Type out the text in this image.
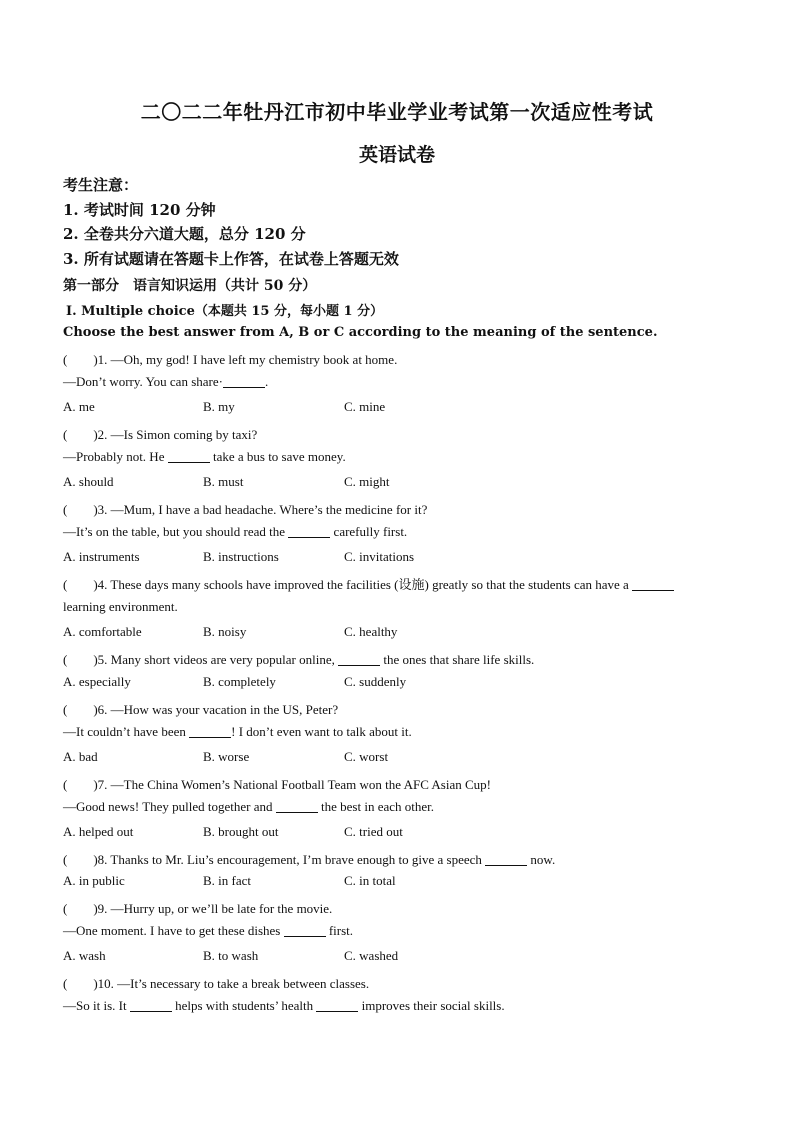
二〇二二年牡丹江市初中毕业学业考试第一次适应性考试
英语试卷
考生注意：
1. 考试时间 120 分钟
2. 全卷共分六道大题，总分 120 分
3. 所有试题请在答题卡上作答，在试卷上答题无效
第一部分　语言知识运用（共计 50 分）
Ⅰ. Multiple choice（本题共 15 分，每小题 1 分）
Choose the best answer from A, B or C according to the meaning of the sentence.
(　　)1. —Oh, my god! I have left my chemistry book at home.
—Don’t worry. You can share·	.
A. me	B. my	C. mine
(　　)2. —Is Simon coming by taxi?
—Probably not. He	take a bus to save money.
A. should	B. must	C. might
(　　)3. —Mum, I have a bad headache. Where’s the medicine for it?
—It’s on the table, but you should read the	carefully first.
A. instruments	B. instructions	C. invitations
(　　)4. These days many schools have improved the facilities (设施) greatly so that the students can have a
learning environment.
A. comfortable	B. noisy	C. healthy
(　　)5. Many short videos are very popular online,	the ones that share life skills.
A. especially	B. completely	C. suddenly
(　　)6. —How was your vacation in the US, Peter?
—It couldn’t have been	! I don’t even want to talk about it.
A. bad	B. worse	C. worst
(　　)7. —The China Women’s National Football Team won the AFC Asian Cup!
—Good news! They pulled together and	the best in each other.
A. helped out	B. brought out	C. tried out
(　　)8. Thanks to Mr. Liu’s encouragement, I’m brave enough to give a speech	now.
A. in public	B. in fact	C. in total
(　　)9. —Hurry up, or we’ll be late for the movie.
—One moment. I have to get these dishes	first.
A. wash	B. to wash	C. washed
(　　)10. —It’s necessary to take a break between classes.
—So it is. It	helps with students’ health	improves their social skills.
